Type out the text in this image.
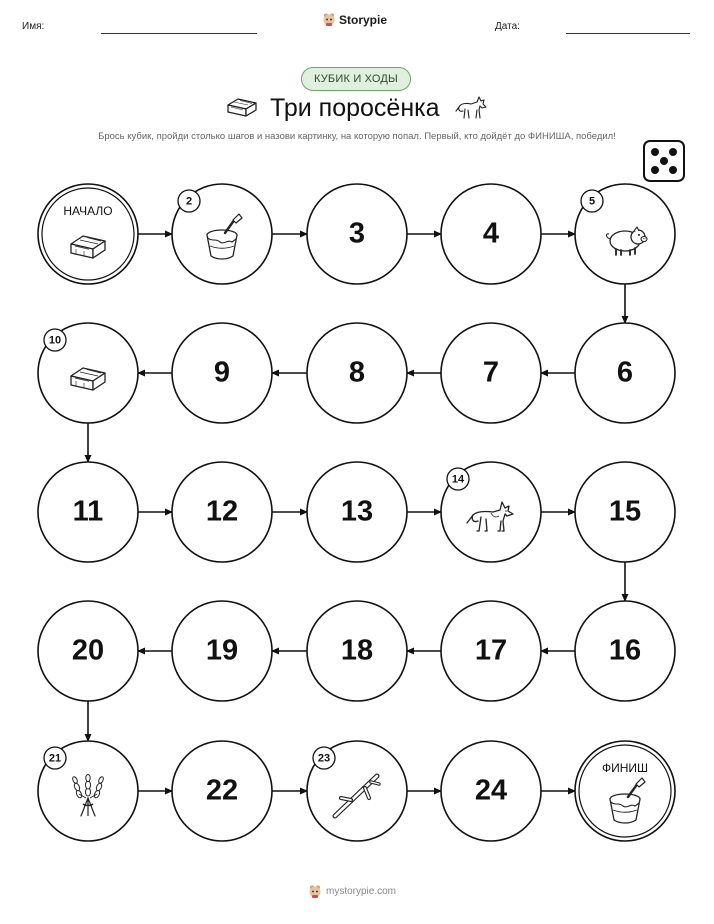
Имя:	Storypie	Дата:
КУБИК И ХОДЫ
Три поросёнка
Брось кубик, пройди столько шагов и назови картинку, на которую попал. Первый, кто дойдёт до ФИНИША, победил!
НАЧАЛО
2
3	4
5
10
9	8	7	6
11	12	13
14
15
20	19	18	17	16
21
22
23
24
ФИНИШ
mystorypie.com
